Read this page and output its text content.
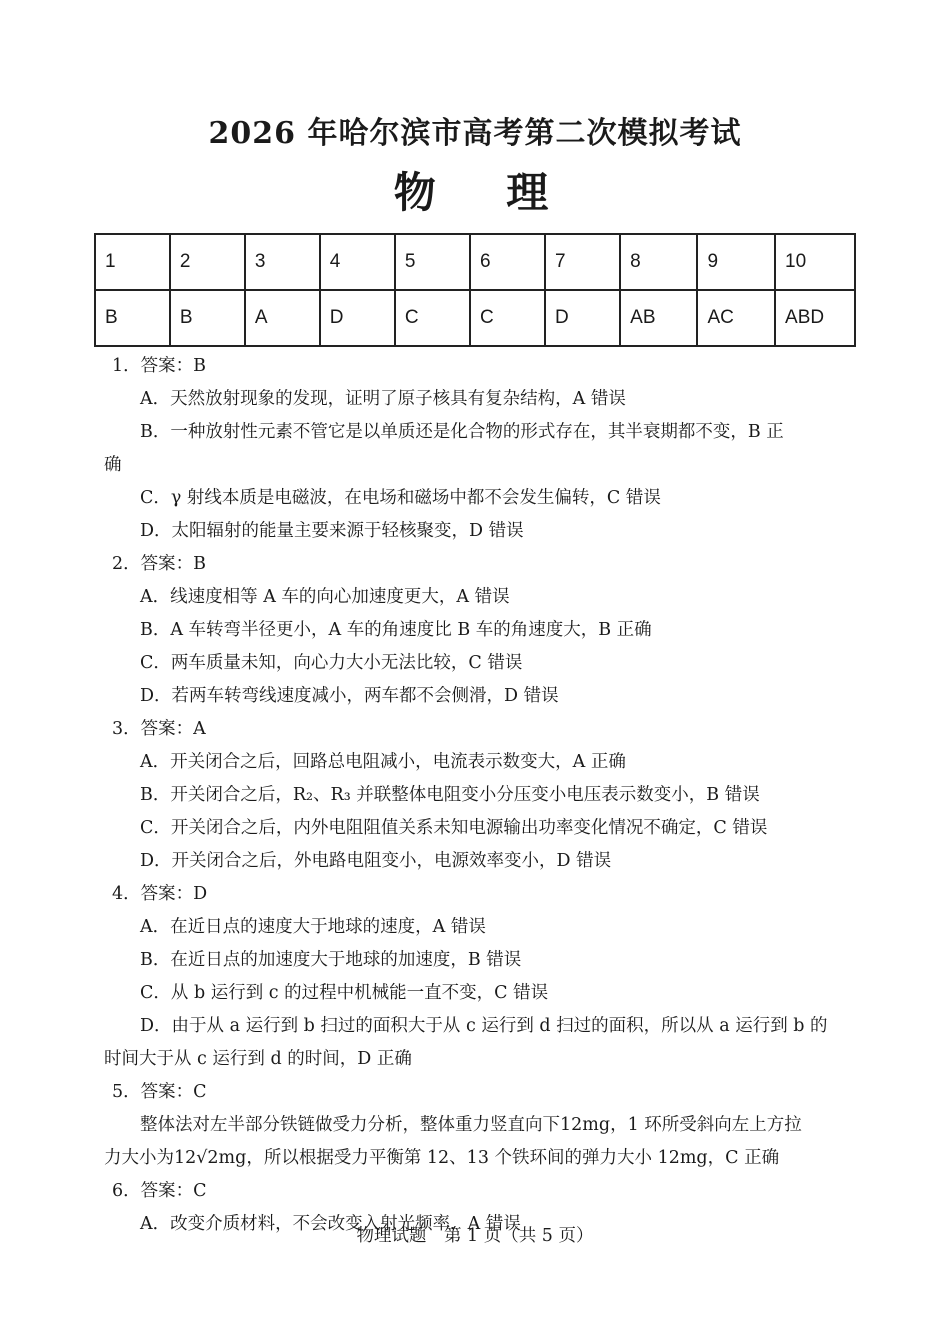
2026 年哈尔滨市高考第二次模拟考试
物 理
1	2	3	4	5	6	7	8	9	10
B	B	A	D	C	C	D	AB	AC	ABD
1．答案：B
A．天然放射现象的发现，证明了原子核具有复杂结构，A 错误
B．一种放射性元素不管它是以单质还是化合物的形式存在，其半衰期都不变，B 正
确
C．γ 射线本质是电磁波，在电场和磁场中都不会发生偏转，C 错误
D．太阳辐射的能量主要来源于轻核聚变，D 错误
2．答案：B
A．线速度相等 A 车的向心加速度更大，A 错误
B．A 车转弯半径更小，A 车的角速度比 B 车的角速度大，B 正确
C．两车质量未知，向心力大小无法比较，C 错误
D．若两车转弯线速度减小，两车都不会侧滑，D 错误
3．答案：A
A．开关闭合之后，回路总电阻减小，电流表示数变大，A 正确
B．开关闭合之后，R₂、R₃ 并联整体电阻变小分压变小电压表示数变小，B 错误
C．开关闭合之后，内外电阻阻值关系未知电源输出功率变化情况不确定，C 错误
D．开关闭合之后，外电路电阻变小，电源效率变小，D 错误
4．答案：D
A．在近日点的速度大于地球的速度，A 错误
B．在近日点的加速度大于地球的加速度，B 错误
C．从 b 运行到 c 的过程中机械能一直不变，C 错误
D．由于从 a 运行到 b 扫过的面积大于从 c 运行到 d 扫过的面积，所以从 a 运行到 b 的
时间大于从 c 运行到 d 的时间，D 正确
5．答案：C
整体法对左半部分铁链做受力分析，整体重力竖直向下12mg，1 环所受斜向左上方拉
力大小为12√2mg，所以根据受力平衡第 12、13 个铁环间的弹力大小 12mg，C 正确
6．答案：C
A．改变介质材料，不会改变入射光频率，A 错误
物理试题　第 1 页（共 5 页）
